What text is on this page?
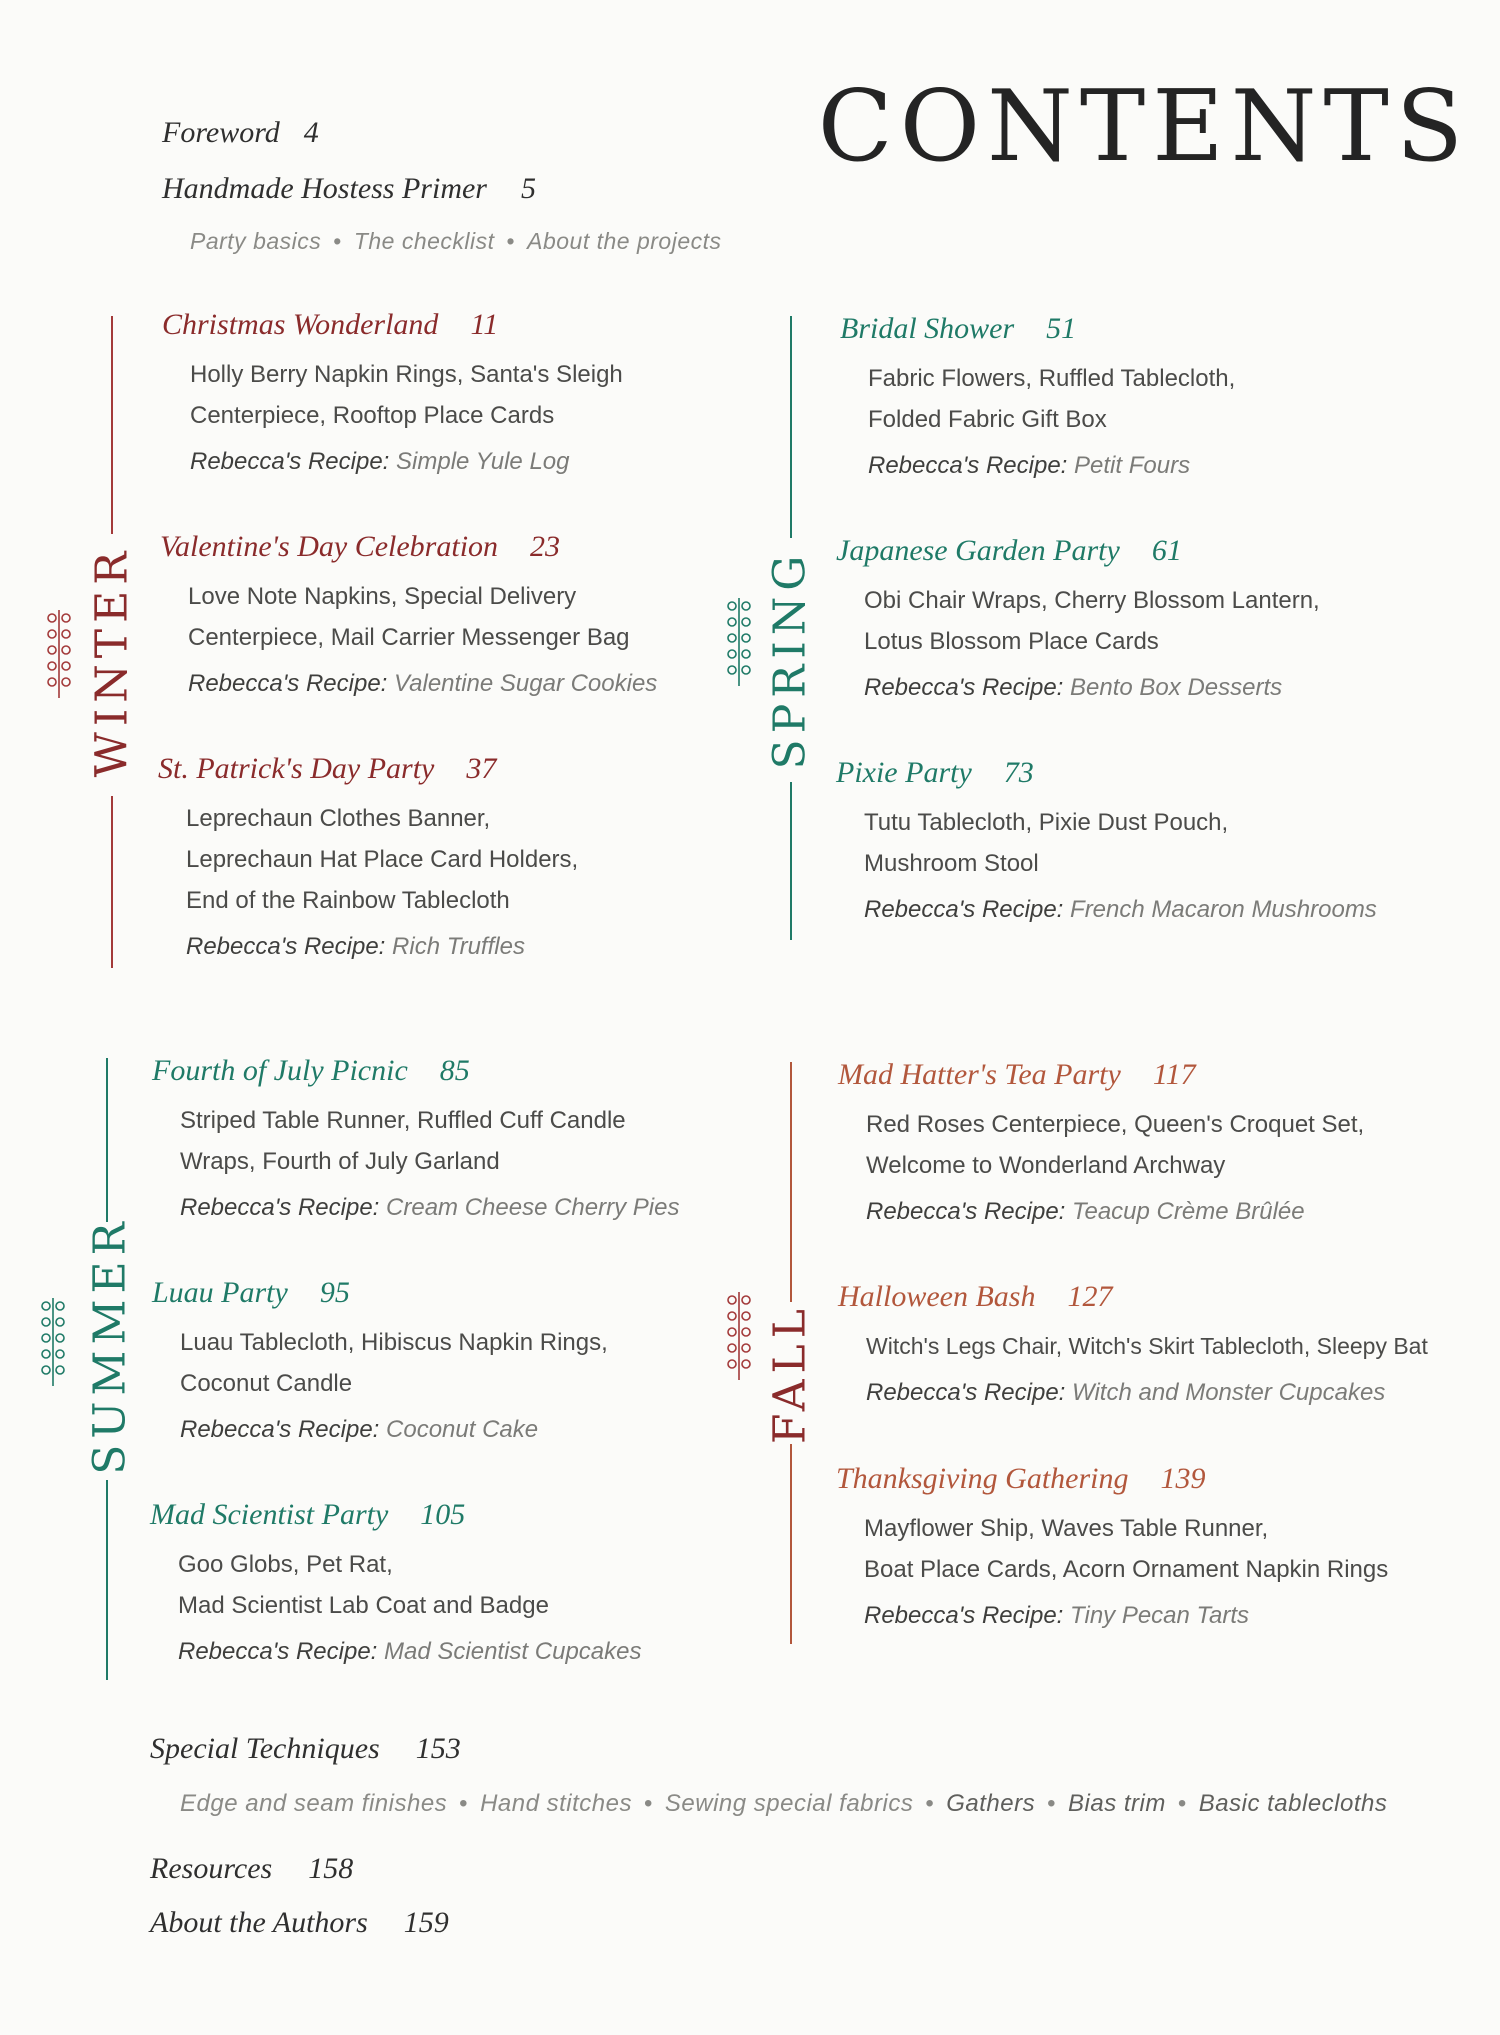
CONTENTS
Foreword 4
Handmade Hostess Primer 5
Party basics • The checklist • About the projects
WINTER
Christmas Wonderland 11
Holly Berry Napkin Rings, Santa's Sleigh
Centerpiece, Rooftop Place Cards
Rebecca's Recipe: Simple Yule Log
Valentine's Day Celebration 23
Love Note Napkins, Special Delivery
Centerpiece, Mail Carrier Messenger Bag
Rebecca's Recipe: Valentine Sugar Cookies
St. Patrick's Day Party 37
Leprechaun Clothes Banner,
Leprechaun Hat Place Card Holders,
End of the Rainbow Tablecloth
Rebecca's Recipe: Rich Truffles
SPRING
Bridal Shower 51
Fabric Flowers, Ruffled Tablecloth,
Folded Fabric Gift Box
Rebecca's Recipe: Petit Fours
Japanese Garden Party 61
Obi Chair Wraps, Cherry Blossom Lantern,
Lotus Blossom Place Cards
Rebecca's Recipe: Bento Box Desserts
Pixie Party 73
Tutu Tablecloth, Pixie Dust Pouch,
Mushroom Stool
Rebecca's Recipe: French Macaron Mushrooms
SUMMER
Fourth of July Picnic 85
Striped Table Runner, Ruffled Cuff Candle
Wraps, Fourth of July Garland
Rebecca's Recipe: Cream Cheese Cherry Pies
Luau Party 95
Luau Tablecloth, Hibiscus Napkin Rings,
Coconut Candle
Rebecca's Recipe: Coconut Cake
Mad Scientist Party 105
Goo Globs, Pet Rat,
Mad Scientist Lab Coat and Badge
Rebecca's Recipe: Mad Scientist Cupcakes
FALL
Mad Hatter's Tea Party 117
Red Roses Centerpiece, Queen's Croquet Set,
Welcome to Wonderland Archway
Rebecca's Recipe: Teacup Crème Brûlée
Halloween Bash 127
Witch's Legs Chair, Witch's Skirt Tablecloth, Sleepy Bat
Rebecca's Recipe: Witch and Monster Cupcakes
Thanksgiving Gathering 139
Mayflower Ship, Waves Table Runner,
Boat Place Cards, Acorn Ornament Napkin Rings
Rebecca's Recipe: Tiny Pecan Tarts
Special Techniques 153
Edge and seam finishes • Hand stitches • Sewing special fabrics • Gathers • Bias trim • Basic tablecloths
Resources 158
About the Authors 159
